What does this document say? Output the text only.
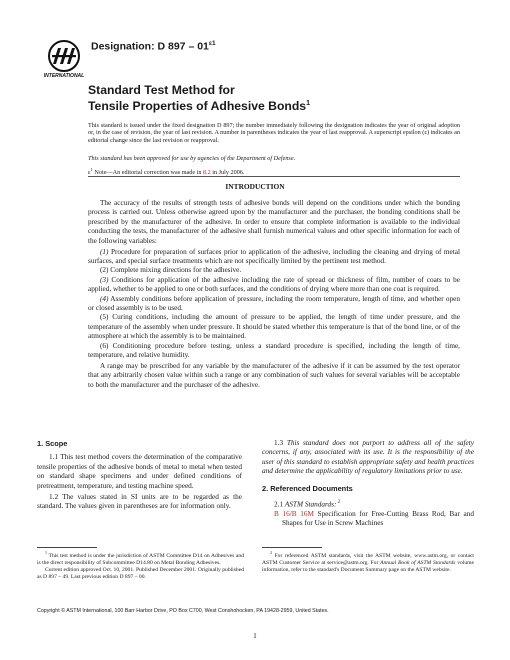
INTERNATIONAL
Designation: D $897 - 01^{\varepsilon 1}$
Standard Test Method for
Tensile Properties of Adhesive Bonds$^1$
This standard is issued under the fixed designation D 897; the number immediately following the designation indicates the year of original adoption or, in the case of revision, the year of last revision. A number in parentheses indicates the year of last reapproval. A superscript epsilon (ε) indicates an editorial change since the last revision or reapproval.
This standard has been approved for use by agencies of the Department of Defense.
$\varepsilon^1$ Note—An editorial correction was made in 8.2 in July 2006.
INTRODUCTION

The accuracy of the results of strength tests of adhesive bonds will depend on the conditions under which the bonding process is carried out. Unless otherwise agreed upon by the manufacturer and the purchaser, the bonding conditions shall be prescribed by the manufacturer of the adhesive. In order to ensure that complete information is available to the individual conducting the tests, the manufacturer of the adhesive shall furnish numerical values and other specific information for each of the following variables:

(1) Procedure for preparation of surfaces prior to application of the adhesive, including the cleaning and drying of metal surfaces, and special surface treatments which are not specifically limited by the pertinent test method.

(2) Complete mixing directions for the adhesive.

(3) Conditions for application of the adhesive including the rate of spread or thickness of film, number of coats to be applied, whether to be applied to one or both surfaces, and the conditions of drying where more than one coat is required.

(4) Assembly conditions before application of pressure, including the room temperature, length of time, and whether open or closed assembly is to be used.

(5) Curing conditions, including the amount of pressure to be applied, the length of time under pressure, and the temperature of the assembly when under pressure. It should be stated whether this temperature is that of the bond line, or of the atmosphere at which the assembly is to be maintained.

(6) Conditioning procedure before testing, unless a standard procedure is specified, including the length of time, temperature, and relative humidity.

A range may be prescribed for any variable by the manufacturer of the adhesive if it can be assumed by the test operator that any arbitrarily chosen value within such a range or any combination of such values for several variables will be acceptable to both the manufacturer and the purchaser of the adhesive.

1. Scope

1.1 This test method covers the determination of the comparative tensile properties of the adhesive bonds of metal to metal when tested on standard shape specimens and under defined conditions of pretreatment, temperature, and testing machine speed.

1.2 The values stated in SI units are to be regarded as the standard. The values given in parentheses are for information only.

1.3 This standard does not purport to address all of the safety concerns, if any, associated with its use. It is the responsibility of the user of this standard to establish appropriate safety and health practices and determine the applicability of regulatory limitations prior to use.

2. Referenced Documents

2.1 ASTM Standards: $^2$

B 16/B 16M Specification for Free-Cutting Brass Rod, Bar and Shapes for Use in Screw Machines

$^1$ This test method is under the jurisdiction of ASTM Committee D14 on Adhesives and is the direct responsibility of Subcommittee D14.80 on Metal Bonding Adhesives.

Current edition approved Oct. 10, 2001. Published December 2001. Originally published as D 897 – 49. Last previous edition D 897 – 00.

$^2$ For referenced ASTM standards, visit the ASTM website, www.astm.org, or contact ASTM Customer Service at service@astm.org. For Annual Book of ASTM Standards volume information, refer to the standard's Document Summary page on the ASTM website.

Copyright © ASTM International, 100 Barr Harbor Drive, PO Box C700, West Conshohocken, PA 19428-2959, United States.
1
